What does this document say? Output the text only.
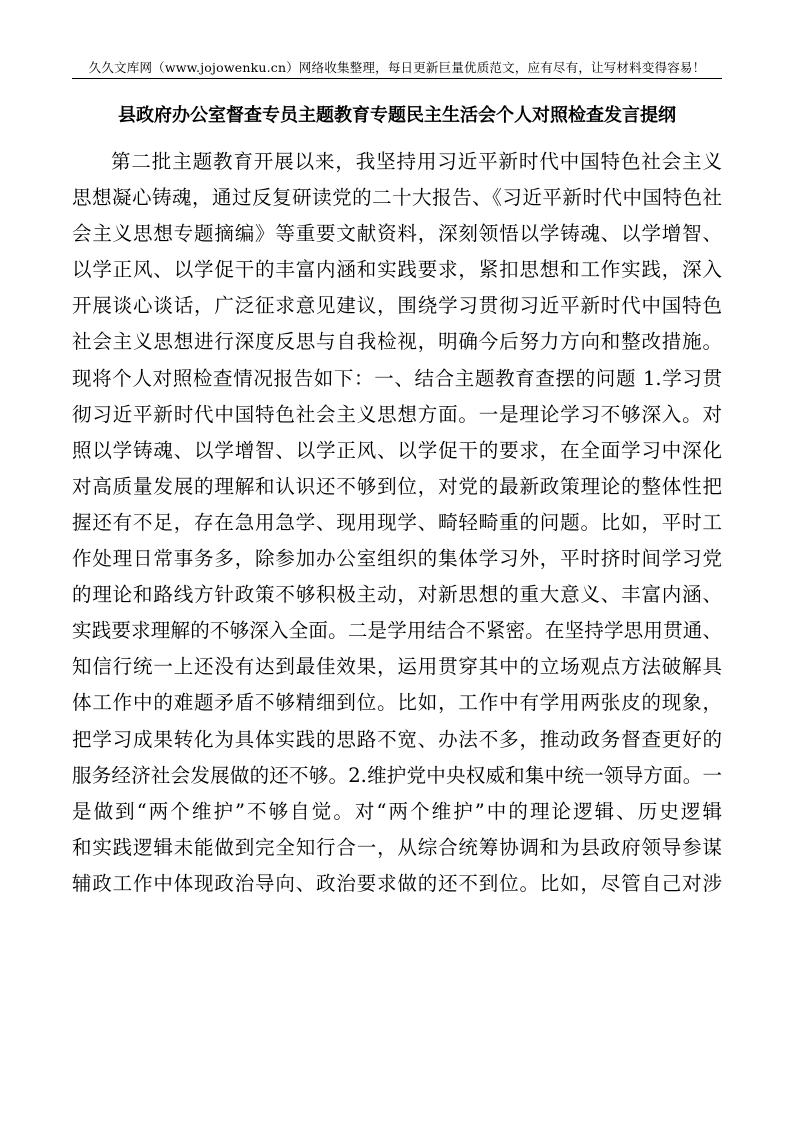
久久文库网（www.jojowenku.cn）网络收集整理，每日更新巨量优质范文，应有尽有，让写材料变得容易！
县政府办公室督查专员主题教育专题民主生活会个人对照检查发言提纲
第二批主题教育开展以来，我坚持用习近平新时代中国特色社会主义
思想凝心铸魂，通过反复研读党的二十大报告、《习近平新时代中国特色社
会主义思想专题摘编》等重要文献资料，深刻领悟以学铸魂、以学增智、
以学正风、以学促干的丰富内涵和实践要求，紧扣思想和工作实践，深入
开展谈心谈话，广泛征求意见建议，围绕学习贯彻习近平新时代中国特色
社会主义思想进行深度反思与自我检视，明确今后努力方向和整改措施。
现将个人对照检查情况报告如下：一、结合主题教育查摆的问题 1.学习贯
彻习近平新时代中国特色社会主义思想方面。一是理论学习不够深入。对
照以学铸魂、以学增智、以学正风、以学促干的要求，在全面学习中深化
对高质量发展的理解和认识还不够到位，对党的最新政策理论的整体性把
握还有不足，存在急用急学、现用现学、畸轻畸重的问题。比如，平时工
作处理日常事务多，除参加办公室组织的集体学习外，平时挤时间学习党
的理论和路线方针政策不够积极主动，对新思想的重大意义、丰富内涵、
实践要求理解的不够深入全面。二是学用结合不紧密。在坚持学思用贯通、
知信行统一上还没有达到最佳效果，运用贯穿其中的立场观点方法破解具
体工作中的难题矛盾不够精细到位。比如，工作中有学用两张皮的现象，
把学习成果转化为具体实践的思路不宽、办法不多，推动政务督查更好的
服务经济社会发展做的还不够。2.维护党中央权威和集中统一领导方面。一
是做到“两个维护”不够自觉。对“两个维护”中的理论逻辑、历史逻辑
和实践逻辑未能做到完全知行合一，从综合统筹协调和为县政府领导参谋
辅政工作中体现政治导向、政治要求做的还不到位。比如，尽管自己对涉
